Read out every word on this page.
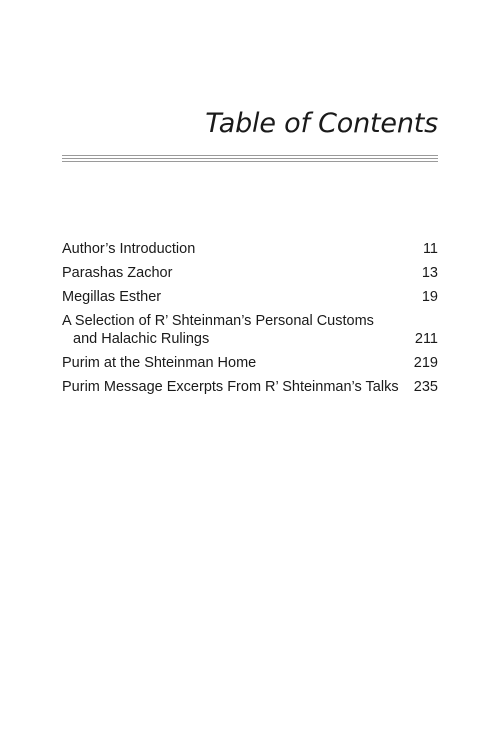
Table of Contents
Author’s Introduction	11
Parashas Zachor	13
Megillas Esther	19
A Selection of R’ Shteinman’s Personal Customs
and Halachic Rulings	211
Purim at the Shteinman Home	219
Purim Message Excerpts From R’ Shteinman’s Talks	235
